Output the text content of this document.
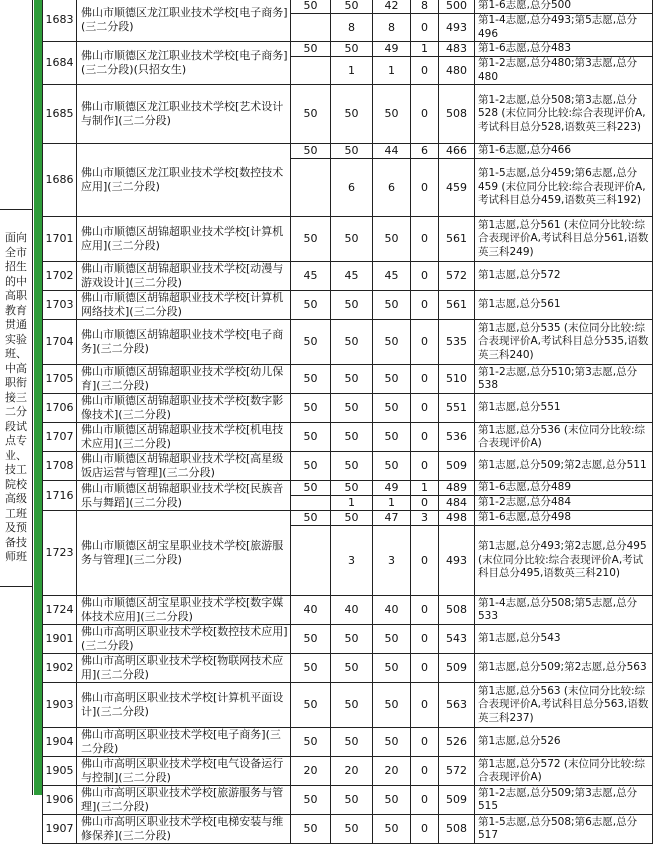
面向全市招生的中高职教育贯通实验班、中高职衔接三二分段试点专业、技工院校高级工班及预备技师班
1683	佛山市顺德区龙江职业技术学校[电子商务](三二分段)	50	50	42	8	500	第1-6志愿,总分500
			8	8	0	493	第1-4志愿,总分493;第5志愿,总分496
1684	佛山市顺德区龙江职业技术学校[电子商务](三二分段)(只招女生)	50	50	49	1	483	第1-6志愿,总分483
			1	1	0	480	第1-2志愿,总分480;第3志愿,总分480
1685	佛山市顺德区龙江职业技术学校[艺术设计与制作](三二分段)	50	50	50	0	508	第1-2志愿,总分508;第3志愿,总分528 (末位同分比较:综合表现评价A,考试科目总分528,语数英三科223)
1686	佛山市顺德区龙江职业技术学校[数控技术应用](三二分段)	50	50	44	6	466	第1-6志愿,总分466
			6	6	0	459	第1-5志愿,总分459;第6志愿,总分459 (末位同分比较:综合表现评价A,考试科目总分459,语数英三科192)
1701	佛山市顺德区胡锦超职业技术学校[计算机应用](三二分段)	50	50	50	0	561	第1志愿,总分561 (末位同分比较:综合表现评价A,考试科目总分561,语数英三科249)
1702	佛山市顺德区胡锦超职业技术学校[动漫与游戏设计](三二分段)	45	45	45	0	572	第1志愿,总分572
1703	佛山市顺德区胡锦超职业技术学校[计算机网络技术](三二分段)	50	50	50	0	561	第1志愿,总分561
1704	佛山市顺德区胡锦超职业技术学校[电子商务](三二分段)	50	50	50	0	535	第1志愿,总分535 (末位同分比较:综合表现评价A,考试科目总分535,语数英三科240)
1705	佛山市顺德区胡锦超职业技术学校[幼儿保育](三二分段)	50	50	50	0	510	第1-2志愿,总分510;第3志愿,总分538
1706	佛山市顺德区胡锦超职业技术学校[数字影像技术](三二分段)	50	50	50	0	551	第1志愿,总分551
1707	佛山市顺德区胡锦超职业技术学校[机电技术应用](三二分段)	50	50	50	0	536	第1志愿,总分536 (末位同分比较:综合表现评价A)
1708	佛山市顺德区胡锦超职业技术学校[高星级饭店运营与管理](三二分段)	50	50	50	0	509	第1志愿,总分509;第2志愿,总分511
1716	佛山市顺德区胡锦超职业技术学校[民族音乐与舞蹈](三二分段)	50	50	49	1	489	第1-6志愿,总分489
			1	1	0	484	第1-2志愿,总分484
1723	佛山市顺德区胡宝星职业技术学校[旅游服务与管理](三二分段)	50	50	47	3	498	第1-6志愿,总分498
			3	3	0	493	第1志愿,总分493;第2志愿,总分495 (末位同分比较:综合表现评价A,考试科目总分495,语数英三科210)
1724	佛山市顺德区胡宝星职业技术学校[数字媒体技术应用](三二分段)	40	40	40	0	508	第1-4志愿,总分508;第5志愿,总分533
1901	佛山市高明区职业技术学校[数控技术应用](三二分段)	50	50	50	0	543	第1志愿,总分543
1902	佛山市高明区职业技术学校[物联网技术应用](三二分段)	50	50	50	0	509	第1志愿,总分509;第2志愿,总分563
1903	佛山市高明区职业技术学校[计算机平面设计](三二分段)	50	50	50	0	563	第1志愿,总分563 (末位同分比较:综合表现评价A,考试科目总分563,语数英三科237)
1904	佛山市高明区职业技术学校[电子商务](三二分段)	50	50	50	0	526	第1志愿,总分526
1905	佛山市高明区职业技术学校[电气设备运行与控制](三二分段)	20	20	20	0	572	第1志愿,总分572 (末位同分比较:综合表现评价A)
1906	佛山市高明区职业技术学校[旅游服务与管理](三二分段)	50	50	50	0	509	第1-2志愿,总分509;第3志愿,总分515
1907	佛山市高明区职业技术学校[电梯安装与维修保养](三二分段)	50	50	50	0	508	第1-5志愿,总分508;第6志愿,总分517
